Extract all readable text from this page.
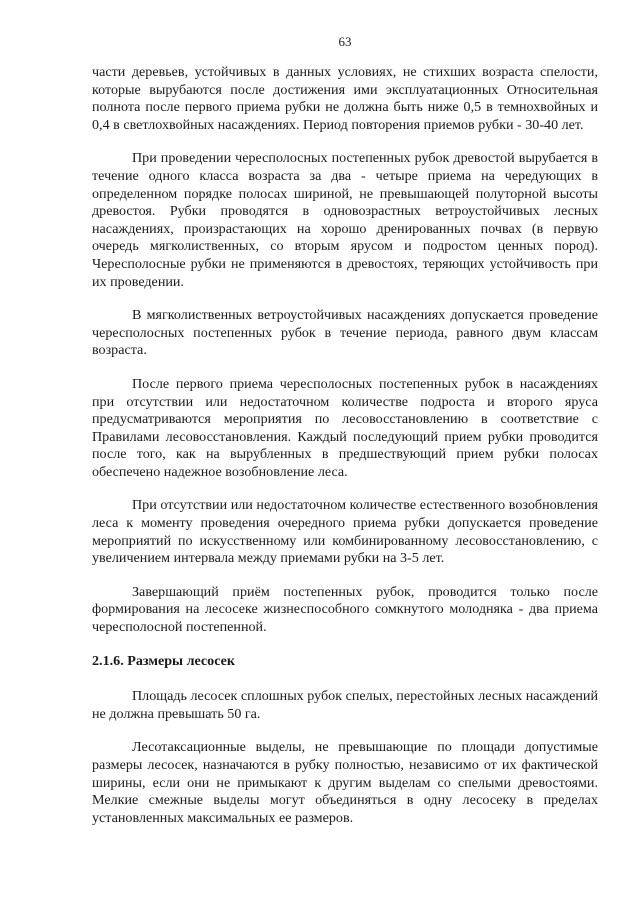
63

части деревьев, устойчивых в данных условиях, не стихших возраста спелости, которые вырубаются после достижения ими эксплуатационных Относительная полнота после первого приема рубки не должна быть ниже 0,5 в темнохвойных и 0,4 в светлохвойных насаждениях. Период повторения приемов рубки - 30-40 лет.

При проведении чересполосных постепенных рубок древостой вырубается в течение одного класса возраста за два - четыре приема на чередующих в определенном порядке полосах шириной, не превышающей полуторной высоты древостоя. Рубки проводятся в одновозрастных ветроустойчивых лесных насаждениях, произрастающих на хорошо дренированных почвах (в первую очередь мягколиственных, со вторым ярусом и подростом ценных пород). Чересполосные рубки не применяются в древостоях, теряющих устойчивость при их проведении.

В мягколиственных ветроустойчивых насаждениях допускается проведение чересполосных постепенных рубок в течение периода, равного двум классам возраста.

После первого приема чересполосных постепенных рубок в насаждениях при отсутствии или недостаточном количестве подроста и второго яруса предусматриваются мероприятия по лесовосстановлению в соответствие с Правилами лесовосстановления. Каждый последующий прием рубки проводится после того, как на вырубленных в предшествующий прием рубки полосах обеспечено надежное возобновление леса.

При отсутствии или недостаточном количестве естественного возобновления леса к моменту проведения очередного приема рубки допускается проведение мероприятий по искусственному или комбинированному лесовосстановлению, с увеличением интервала между приемами рубки на 3-5 лет.

Завершающий приём постепенных рубок, проводится только после формирования на лесосеке жизнеспособного сомкнутого молодняка - два приема чересполосной постепенной.

2.1.6. Размеры лесосек

Площадь лесосек сплошных рубок спелых, перестойных лесных насаждений не должна превышать 50 га.

Лесотаксационные выделы, не превышающие по площади допустимые размеры лесосек, назначаются в рубку полностью, независимо от их фактической ширины, если они не примыкают к другим выделам со спелыми древостоями. Мелкие смежные выделы могут объединяться в одну лесосеку в пределах установленных максимальных ее размеров.
